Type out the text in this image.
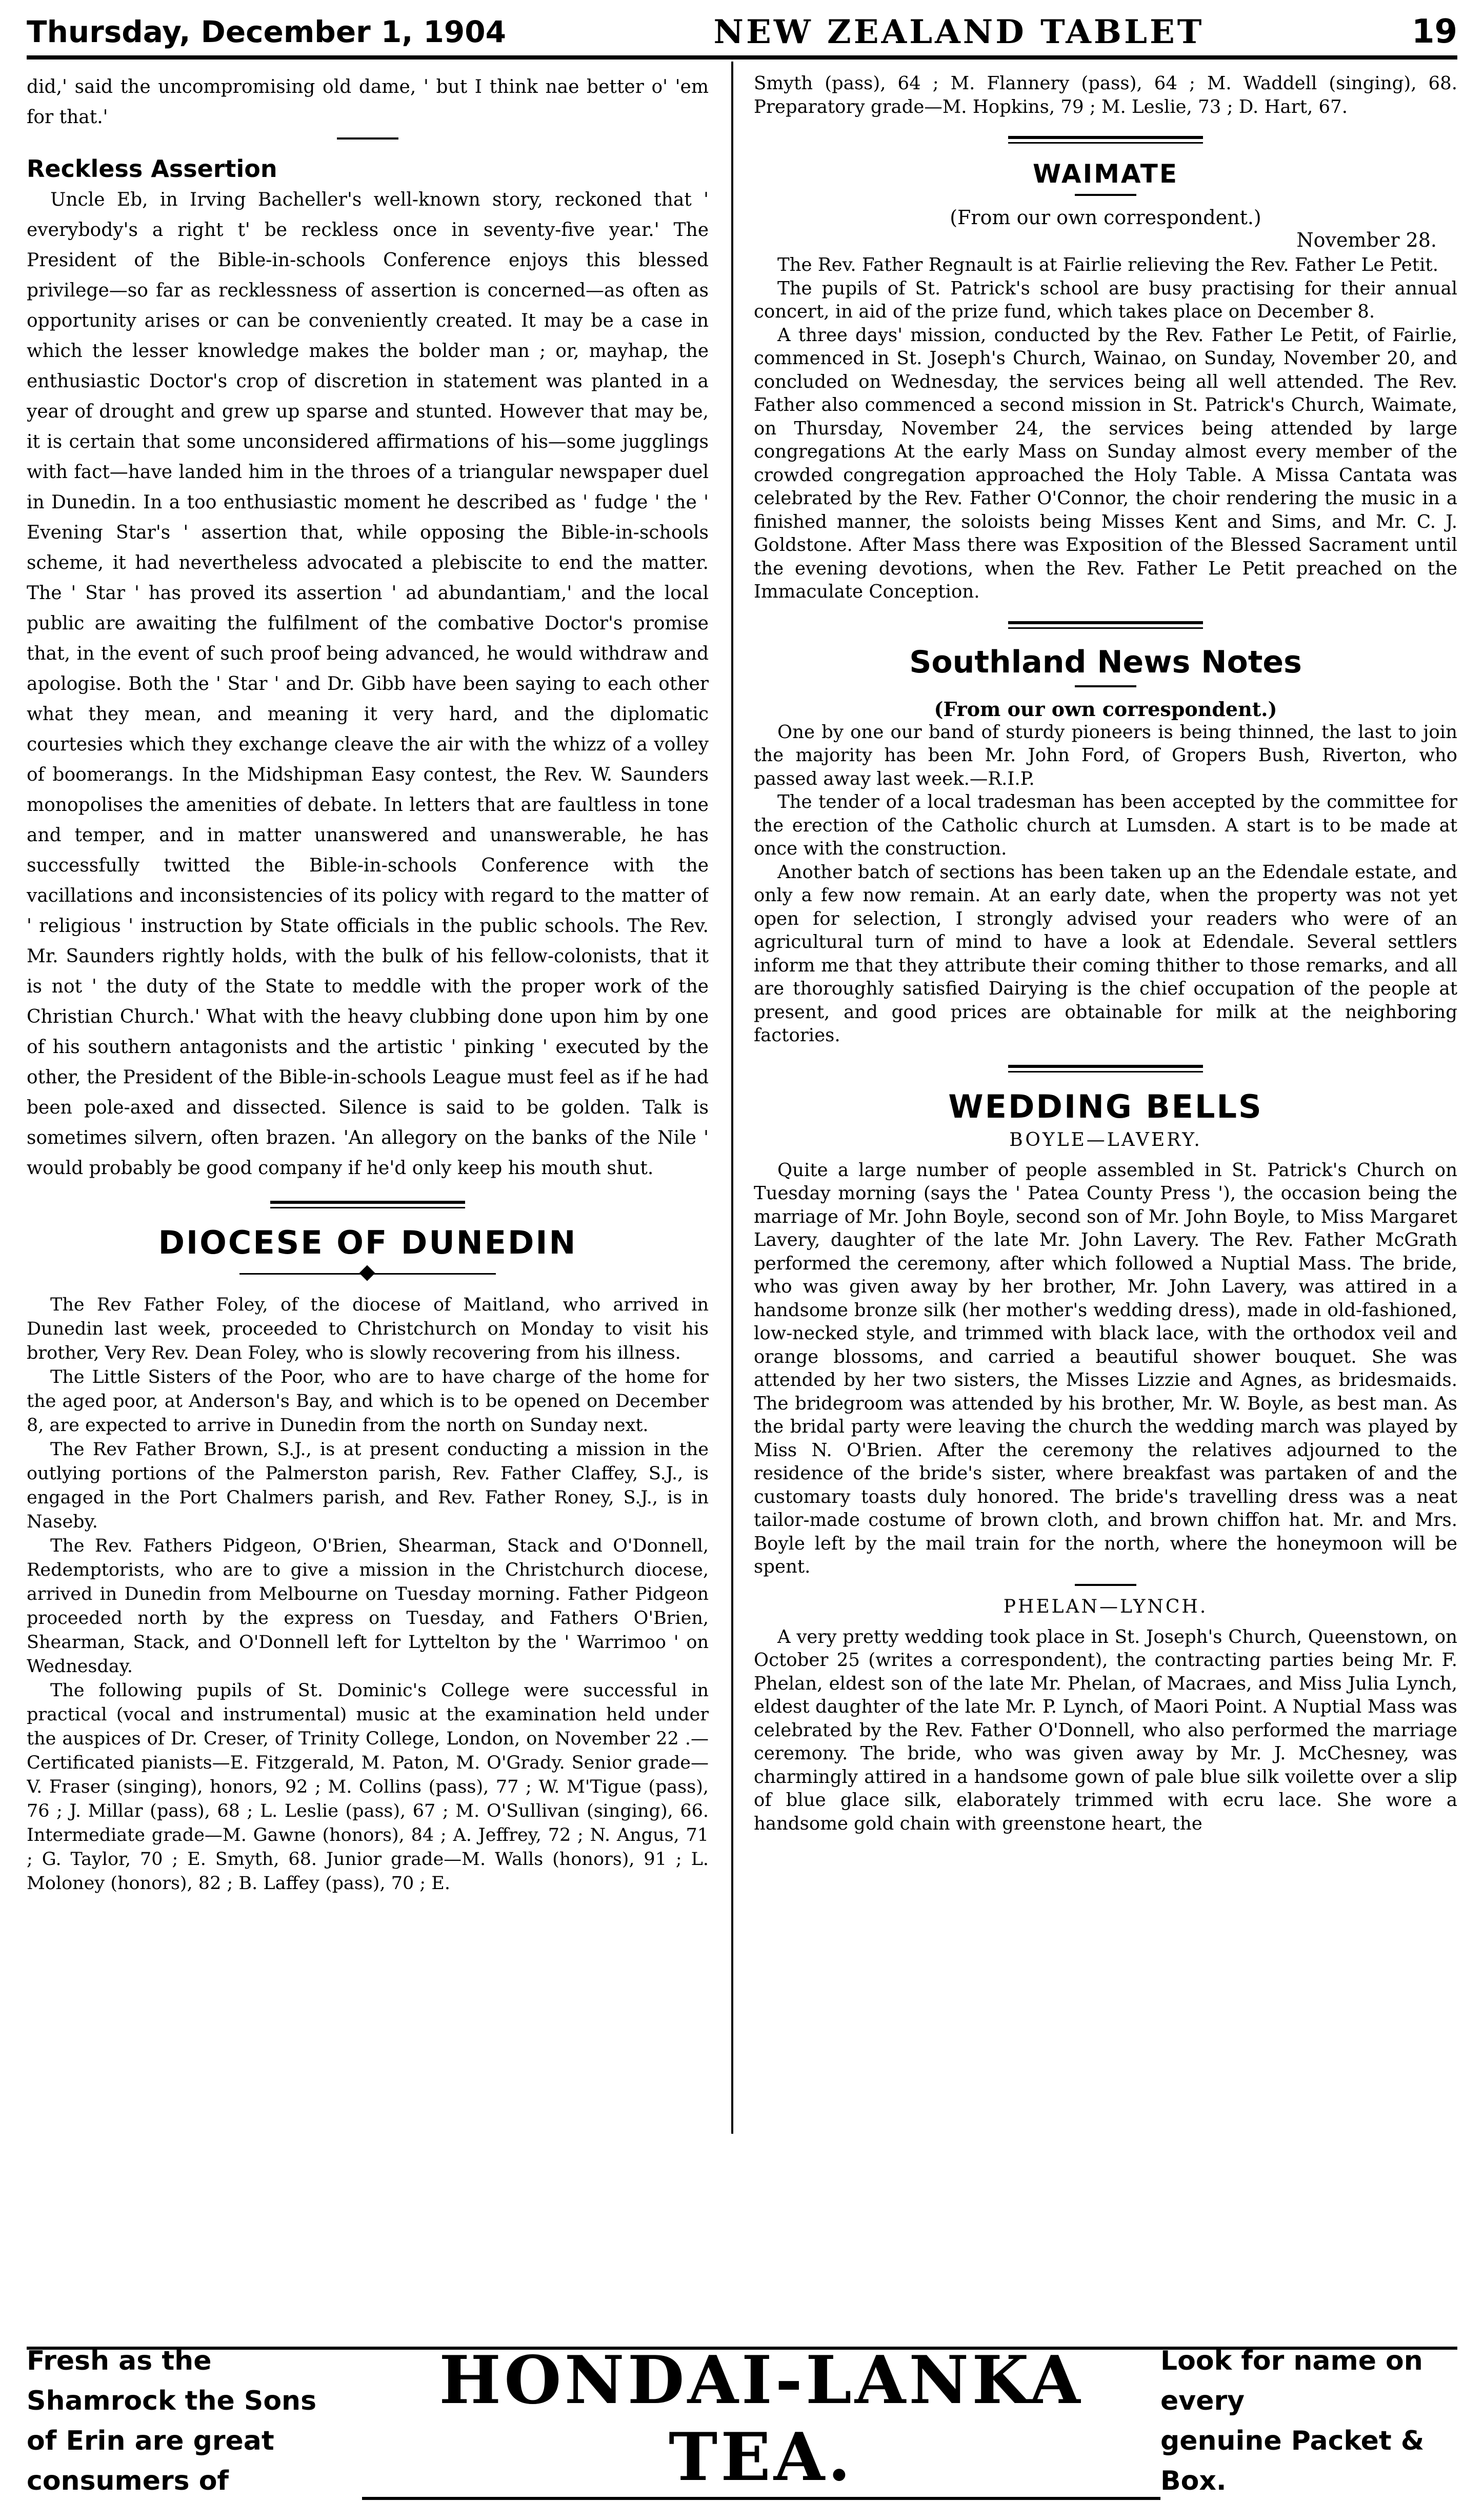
Thursday, December 1, 1904	NEW ZEALAND TABLET	19

did,' said the uncompromising old dame, ' but I think nae better o' 'em for that.'

Reckless Assertion

Uncle Eb, in Irving Bacheller's well-known story, reckoned that ' everybody's a right t' be reckless once in seventy-five year.' The President of the Bible-in-schools Conference enjoys this blessed privilege—so far as recklessness of assertion is concerned—as often as opportunity arises or can be conveniently created. It may be a case in which the lesser knowledge makes the bolder man ; or, mayhap, the enthusiastic Doctor's crop of discretion in statement was planted in a year of drought and grew up sparse and stunted. However that may be, it is certain that some unconsidered affirmations of his—some jugglings with fact—have landed him in the throes of a triangular newspaper duel in Dunedin. In a too enthusiastic moment he described as ' fudge ' the ' Evening Star's ' assertion that, while opposing the Bible-in-schools scheme, it had nevertheless advocated a plebiscite to end the matter. The ' Star ' has proved its assertion ' ad abundantiam,' and the local public are awaiting the fulfilment of the combative Doctor's promise that, in the event of such proof being advanced, he would withdraw and apologise. Both the ' Star ' and Dr. Gibb have been saying to each other what they mean, and meaning it very hard, and the diplomatic courtesies which they exchange cleave the air with the whizz of a volley of boomerangs. In the Midshipman Easy contest, the Rev. W. Saunders monopolises the amenities of debate. In letters that are faultless in tone and temper, and in matter unanswered and unanswerable, he has successfully twitted the Bible-in-schools Conference with the vacillations and inconsistencies of its policy with regard to the matter of ' religious ' instruction by State officials in the public schools. The Rev. Mr. Saunders rightly holds, with the bulk of his fellow-colonists, that it is not ' the duty of the State to meddle with the proper work of the Christian Church.' What with the heavy clubbing done upon him by one of his southern antagonists and the artistic ' pinking ' executed by the other, the President of the Bible-in-schools League must feel as if he had been pole-axed and dissected. Silence is said to be golden. Talk is sometimes silvern, often brazen. 'An allegory on the banks of the Nile ' would probably be good company if he'd only keep his mouth shut.

DIOCESE OF DUNEDIN

The Rev Father Foley, of the diocese of Maitland, who arrived in Dunedin last week, proceeded to Christchurch on Monday to visit his brother, Very Rev. Dean Foley, who is slowly recovering from his illness.

The Little Sisters of the Poor, who are to have charge of the home for the aged poor, at Anderson's Bay, and which is to be opened on December 8, are expected to arrive in Dunedin from the north on Sunday next.

The Rev Father Brown, S.J., is at present conducting a mission in the outlying portions of the Palmerston parish, Rev. Father Claffey, S.J., is engaged in the Port Chalmers parish, and Rev. Father Roney, S.J., is in Naseby.

The Rev. Fathers Pidgeon, O'Brien, Shearman, Stack and O'Donnell, Redemptorists, who are to give a mission in the Christchurch diocese, arrived in Dunedin from Melbourne on Tuesday morning. Father Pidgeon proceeded north by the express on Tuesday, and Fathers O'Brien, Shearman, Stack, and O'Donnell left for Lyttelton by the ' Warrimoo ' on Wednesday.

The following pupils of St. Dominic's College were successful in practical (vocal and instrumental) music at the examination held under the auspices of Dr. Creser, of Trinity College, London, on November 22 .—Certificated pianists—E. Fitzgerald, M. Paton, M. O'Grady. Senior grade—V. Fraser (singing), honors, 92 ; M. Collins (pass), 77 ; W. M'Tigue (pass), 76 ; J. Millar (pass), 68 ; L. Leslie (pass), 67 ; M. O'Sullivan (singing), 66. Intermediate grade—M. Gawne (honors), 84 ; A. Jeffrey, 72 ; N. Angus, 71 ; G. Taylor, 70 ; E. Smyth, 68. Junior grade—M. Walls (honors), 91 ; L. Moloney (honors), 82 ; B. Laffey (pass), 70 ; E.

Smyth (pass), 64 ; M. Flannery (pass), 64 ; M. Waddell (singing), 68. Preparatory grade—M. Hopkins, 79 ; M. Leslie, 73 ; D. Hart, 67.

WAIMATE

(From our own correspondent.)

November 28.

The Rev. Father Regnault is at Fairlie relieving the Rev. Father Le Petit.

The pupils of St. Patrick's school are busy practising for their annual concert, in aid of the prize fund, which takes place on December 8.

A three days' mission, conducted by the Rev. Father Le Petit, of Fairlie, commenced in St. Joseph's Church, Wainao, on Sunday, November 20, and concluded on Wednesday, the services being all well attended. The Rev. Father also commenced a second mission in St. Patrick's Church, Waimate, on Thursday, November 24, the services being attended by large congregations At the early Mass on Sunday almost every member of the crowded congregation approached the Holy Table. A Missa Cantata was celebrated by the Rev. Father O'Connor, the choir rendering the music in a finished manner, the soloists being Misses Kent and Sims, and Mr. C. J. Goldstone. After Mass there was Exposition of the Blessed Sacrament until the evening devotions, when the Rev. Father Le Petit preached on the Immaculate Conception.

Southland News Notes

(From our own correspondent.)

One by one our band of sturdy pioneers is being thinned, the last to join the majority has been Mr. John Ford, of Gropers Bush, Riverton, who passed away last week.—R.I.P.

The tender of a local tradesman has been accepted by the committee for the erection of the Catholic church at Lumsden. A start is to be made at once with the construction.

Another batch of sections has been taken up an the Edendale estate, and only a few now remain. At an early date, when the property was not yet open for selection, I strongly advised your readers who were of an agricultural turn of mind to have a look at Edendale. Several settlers inform me that they attribute their coming thither to those remarks, and all are thoroughly satisfied Dairying is the chief occupation of the people at present, and good prices are obtainable for milk at the neighboring factories.

WEDDING BELLS

BOYLE—LAVERY.

Quite a large number of people assembled in St. Patrick's Church on Tuesday morning (says the ' Patea County Press '), the occasion being the marriage of Mr. John Boyle, second son of Mr. John Boyle, to Miss Margaret Lavery, daughter of the late Mr. John Lavery. The Rev. Father McGrath performed the ceremony, after which followed a Nuptial Mass. The bride, who was given away by her brother, Mr. John Lavery, was attired in a handsome bronze silk (her mother's wedding dress), made in old-fashioned, low-necked style, and trimmed with black lace, with the orthodox veil and orange blossoms, and carried a beautiful shower bouquet. She was attended by her two sisters, the Misses Lizzie and Agnes, as bridesmaids. The bridegroom was attended by his brother, Mr. W. Boyle, as best man. As the bridal party were leaving the church the wedding march was played by Miss N. O'Brien. After the ceremony the relatives adjourned to the residence of the bride's sister, where breakfast was partaken of and the customary toasts duly honored. The bride's travelling dress was a neat tailor-made costume of brown cloth, and brown chiffon hat. Mr. and Mrs. Boyle left by the mail train for the north, where the honeymoon will be spent.

PHELAN—LYNCH.

A very pretty wedding took place in St. Joseph's Church, Queenstown, on October 25 (writes a correspondent), the contracting parties being Mr. F. Phelan, eldest son of the late Mr. Phelan, of Macraes, and Miss Julia Lynch, eldest daughter of the late Mr. P. Lynch, of Maori Point. A Nuptial Mass was celebrated by the Rev. Father O'Donnell, who also performed the marriage ceremony. The bride, who was given away by Mr. J. McChesney, was charmingly attired in a handsome gown of pale blue silk voilette over a slip of blue glace silk, elaborately trimmed with ecru lace. She wore a handsome gold chain with greenstone heart, the

Fresh as the Shamrock the Sons
of Erin are great consumers of
HONDAI-LANKA TEA.
Look for name on every
genuine Packet & Box.
